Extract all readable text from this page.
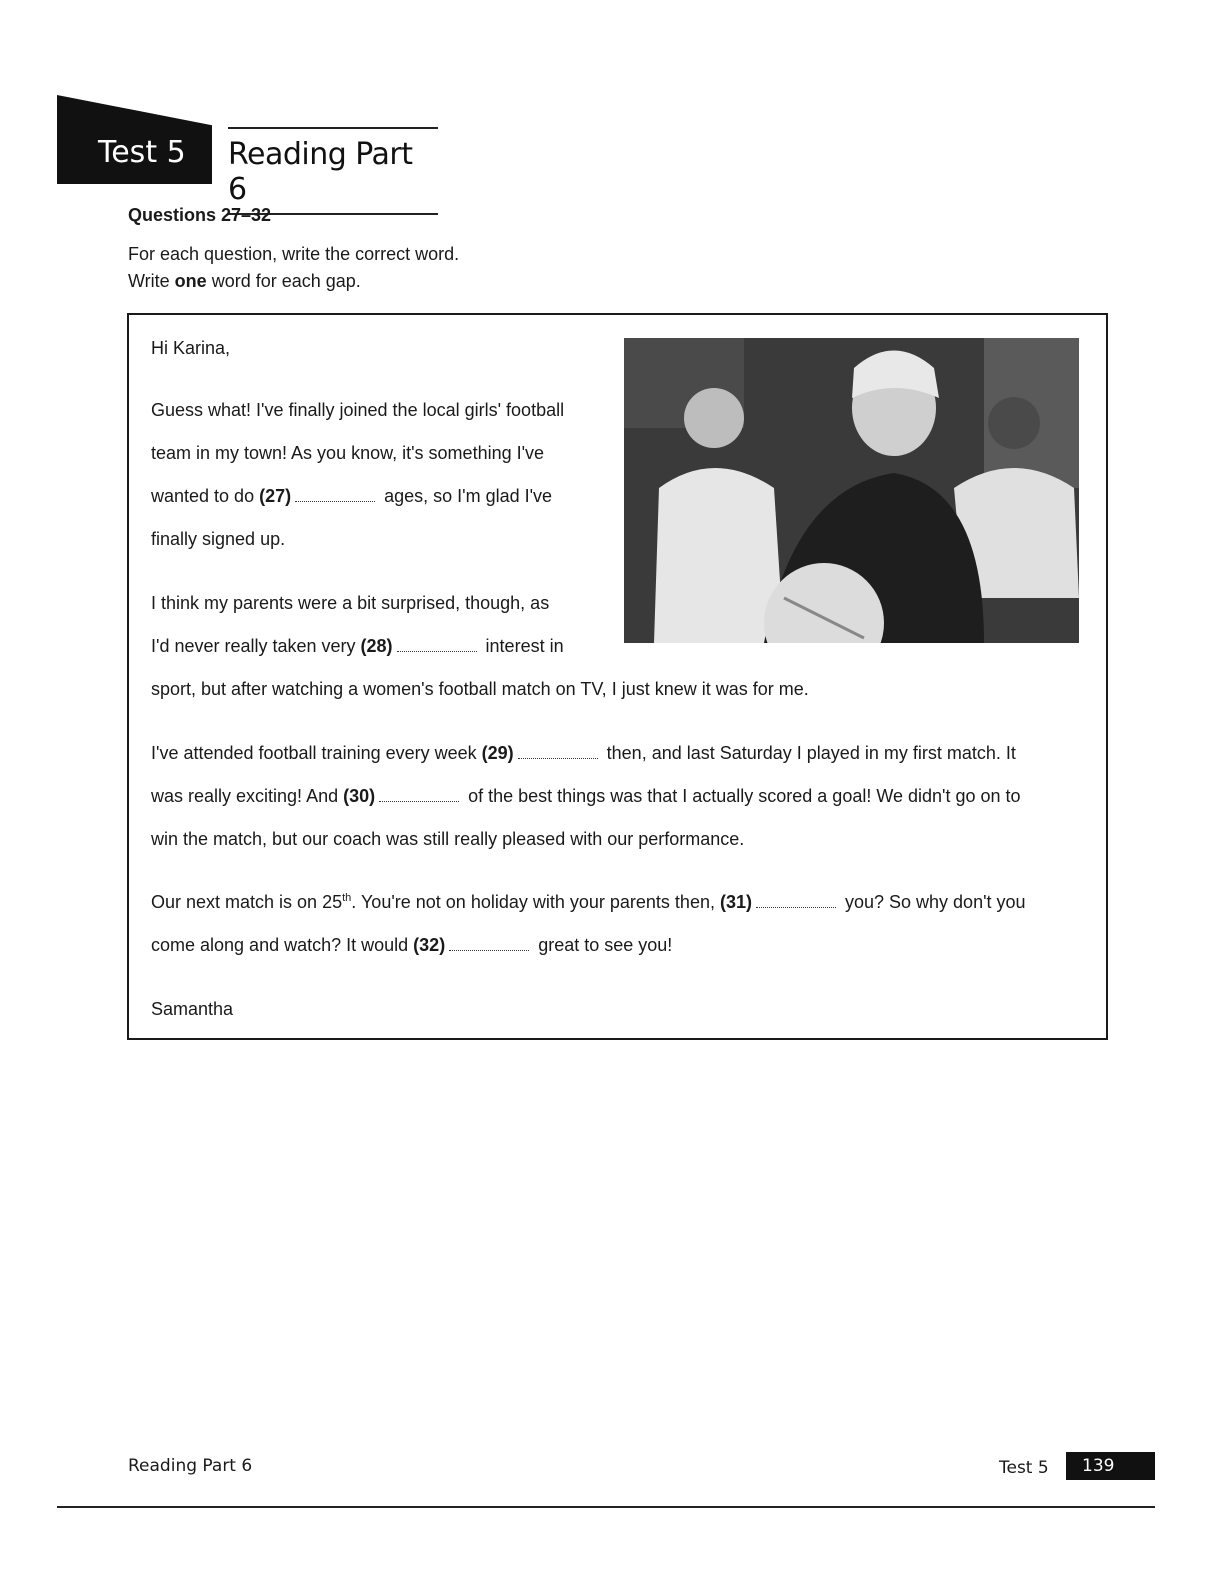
Test 5 Reading Part 6
Questions 27–32
For each question, write the correct word.
Write one word for each gap.
Hi Karina,
Guess what! I've finally joined the local girls' football
team in my town! As you know, it's something I've
wanted to do (27)	ages, so I'm glad I've
finally signed up.
I think my parents were a bit surprised, though, as
I'd never really taken very (28)	interest in
sport, but after watching a women's football match on TV, I just knew it was for me.
I've attended football training every week (29)	then, and last Saturday I played in my first match. It
was really exciting! And (30)	of the best things was that I actually scored a goal! We didn't go on to
win the match, but our coach was still really pleased with our performance.
Our next match is on 25th. You're not on holiday with your parents then, (31)	you? So why don't you
come along and watch? It would (32)	great to see you!
Samantha
Reading Part 6	Test 5 139
